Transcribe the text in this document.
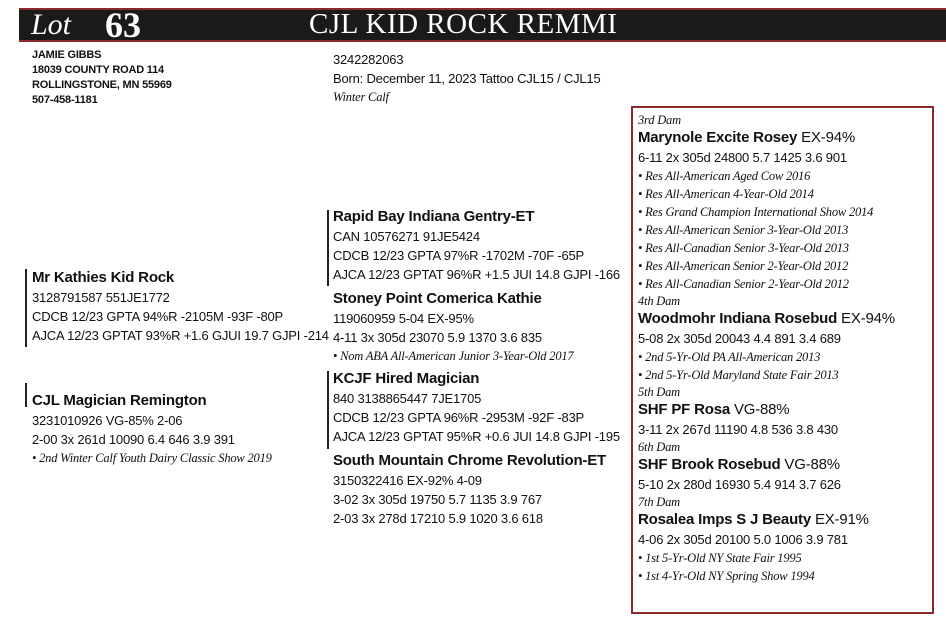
Lot 63	CJL KID ROCK REMMI
JAMIE GIBBS
18039 COUNTY ROAD 114
ROLLINGSTONE, MN 55969
507-458-1181
3242282063
Born: December 11, 2023 Tattoo CJL15 / CJL15
Winter Calf
Mr Kathies Kid Rock
3128791587 551JE1772
CDCB 12/23 GPTA 94%R -2105M -93F -80P
AJCA 12/23 GPTAT 93%R +1.6 GJUI 19.7 GJPI -214
CJL Magician Remington
3231010926 VG-85% 2-06
2-00 3x 261d 10090 6.4 646 3.9 391
• 2nd Winter Calf Youth Dairy Classic Show 2019
Rapid Bay Indiana Gentry-ET
CAN 10576271 91JE5424
CDCB 12/23 GPTA 97%R -1702M -70F -65P
AJCA 12/23 GPTAT 96%R +1.5 JUI 14.8 GJPI -166
Stoney Point Comerica Kathie
119060959 5-04 EX-95%
4-11 3x 305d 23070 5.9 1370 3.6 835
• Nom ABA All-American Junior 3-Year-Old 2017
KCJF Hired Magician
840 3138865447 7JE1705
CDCB 12/23 GPTA 96%R -2953M -92F -83P
AJCA 12/23 GPTAT 95%R +0.6 JUI 14.8 GJPI -195
South Mountain Chrome Revolution-ET
3150322416 EX-92% 4-09
3-02 3x 305d 19750 5.7 1135 3.9 767
2-03 3x 278d 17210 5.9 1020 3.6 618
3rd Dam
Marynole Excite Rosey EX-94%
6-11 2x 305d 24800 5.7 1425 3.6 901
• Res All-American Aged Cow 2016
• Res All-American 4-Year-Old 2014
• Res Grand Champion International Show 2014
• Res All-American Senior 3-Year-Old 2013
• Res All-Canadian Senior 3-Year-Old 2013
• Res All-American Senior 2-Year-Old 2012
• Res All-Canadian Senior 2-Year-Old 2012
4th Dam
Woodmohr Indiana Rosebud EX-94%
5-08 2x 305d 20043 4.4 891 3.4 689
• 2nd 5-Yr-Old PA All-American 2013
• 2nd 5-Yr-Old Maryland State Fair 2013
5th Dam
SHF PF Rosa VG-88%
3-11 2x 267d 11190 4.8 536 3.8 430
6th Dam
SHF Brook Rosebud VG-88%
5-10 2x 280d 16930 5.4 914 3.7 626
7th Dam
Rosalea Imps S J Beauty EX-91%
4-06 2x 305d 20100 5.0 1006 3.9 781
• 1st 5-Yr-Old NY State Fair 1995
• 1st 4-Yr-Old NY Spring Show 1994
